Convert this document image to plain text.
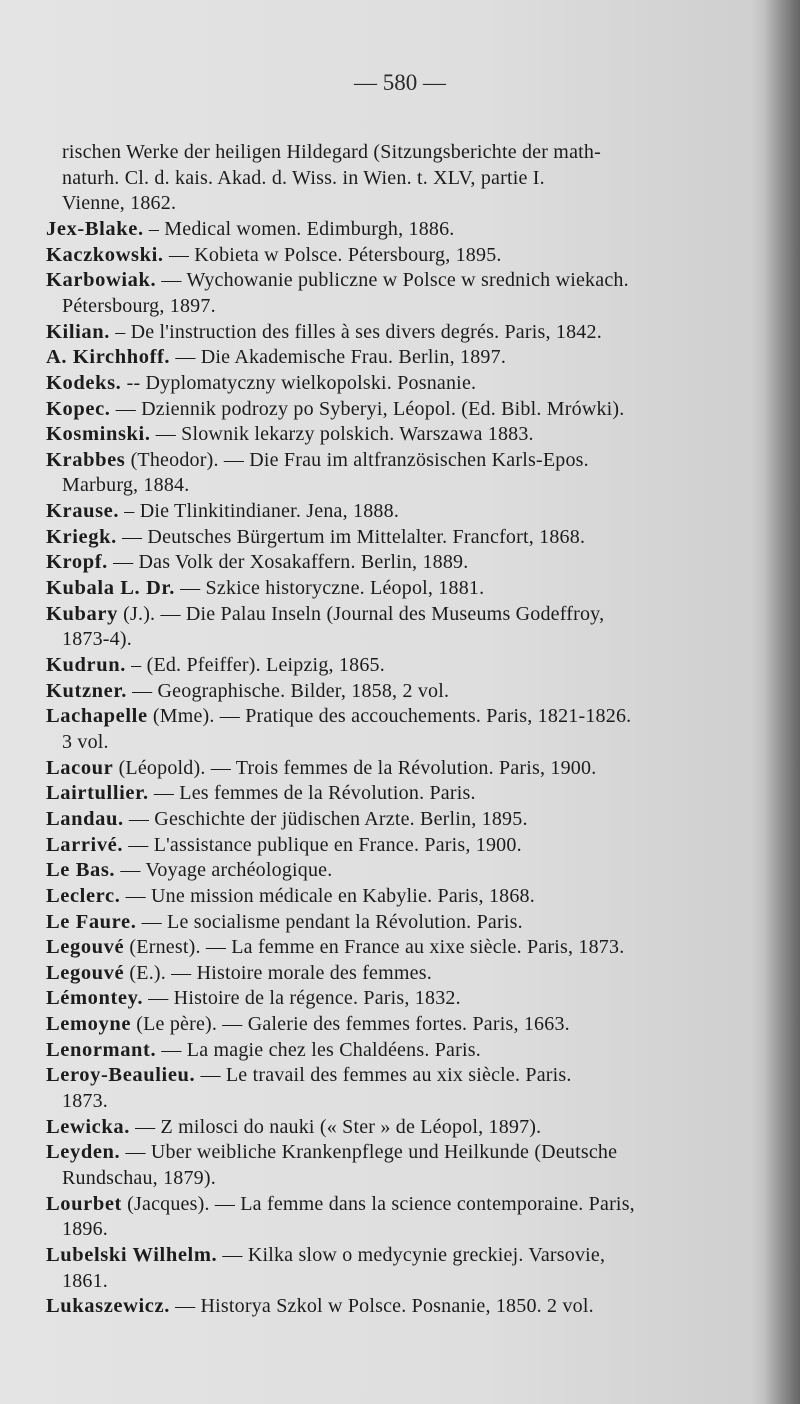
— 580 —
rischen Werke der heiligen Hildegard (Sitzungsberichte der math-
naturh. Cl. d. kais. Akad. d. Wiss. in Wien. t. XLV, partie I.
Vienne, 1862.
Jex-Blake. – Medical women. Edimburgh, 1886.
Kaczkowski. — Kobieta w Polsce. Pétersbourg, 1895.
Karbowiak. — Wychowanie publiczne w Polsce w srednich wiekach.
Pétersbourg, 1897.
Kilian. – De l'instruction des filles à ses divers degrés. Paris, 1842.
A. Kirchhoff. — Die Akademische Frau. Berlin, 1897.
Kodeks. -- Dyplomatyczny wielkopolski. Posnanie.
Kopec. — Dziennik podrozy po Syberyi, Léopol. (Ed. Bibl. Mrówki).
Kosminski. — Slownik lekarzy polskich. Warszawa 1883.
Krabbes (Theodor). — Die Frau im altfranzösischen Karls-Epos.
Marburg, 1884.
Krause. – Die Tlinkitindianer. Jena, 1888.
Kriegk. — Deutsches Bürgertum im Mittelalter. Francfort, 1868.
Kropf. — Das Volk der Xosakaffern. Berlin, 1889.
Kubala L. Dr. — Szkice historyczne. Léopol, 1881.
Kubary (J.). — Die Palau Inseln (Journal des Museums Godeffroy,
1873-4).
Kudrun. – (Ed. Pfeiffer). Leipzig, 1865.
Kutzner. — Geographische. Bilder, 1858, 2 vol.
Lachapelle (Mme). — Pratique des accouchements. Paris, 1821-1826.
3 vol.
Lacour (Léopold). — Trois femmes de la Révolution. Paris, 1900.
Lairtullier. — Les femmes de la Révolution. Paris.
Landau. — Geschichte der jüdischen Arzte. Berlin, 1895.
Larrivé. — L'assistance publique en France. Paris, 1900.
Le Bas. — Voyage archéologique.
Leclerc. — Une mission médicale en Kabylie. Paris, 1868.
Le Faure. — Le socialisme pendant la Révolution. Paris.
Legouvé (Ernest). — La femme en France au xixe siècle. Paris, 1873.
Legouvé (E.). — Histoire morale des femmes.
Lémontey. — Histoire de la régence. Paris, 1832.
Lemoyne (Le père). — Galerie des femmes fortes. Paris, 1663.
Lenormant. — La magie chez les Chaldéens. Paris.
Leroy-Beaulieu. — Le travail des femmes au xix siècle. Paris.
1873.
Lewicka. — Z milosci do nauki (« Ster » de Léopol, 1897).
Leyden. — Uber weibliche Krankenpflege und Heilkunde (Deutsche
Rundschau, 1879).
Lourbet (Jacques). — La femme dans la science contemporaine. Paris,
1896.
Lubelski Wilhelm. — Kilka slow o medycynie greckiej. Varsovie,
1861.
Lukaszewicz. — Historya Szkol w Polsce. Posnanie, 1850. 2 vol.
